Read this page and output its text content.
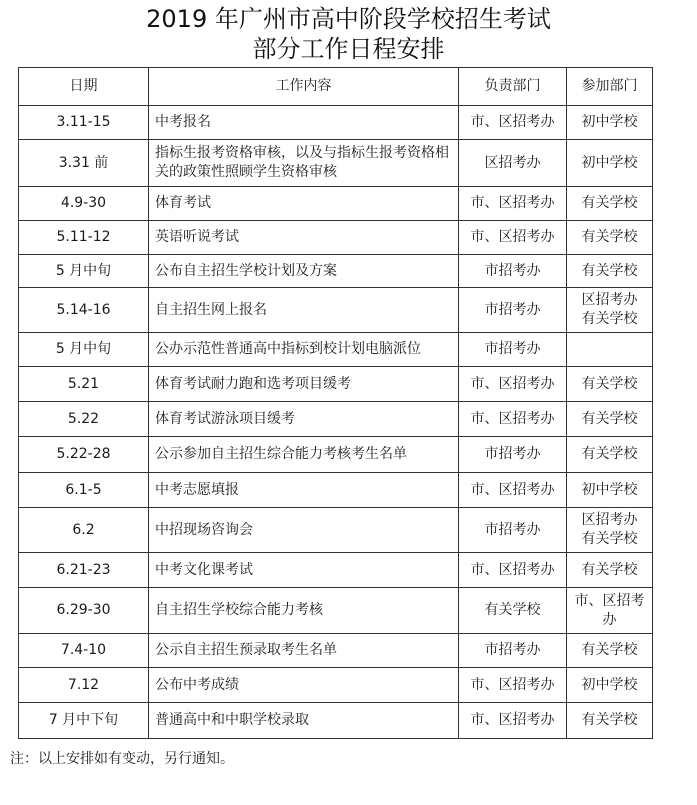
2019 年广州市高中阶段学校招生考试
部分工作日程安排
日期	工作内容	负责部门	参加部门
3.11-15	中考报名	市、区招考办	初中学校
3.31 前	指标生报考资格审核，以及与指标生报考资格相关的政策性照顾学生资格审核	区招考办	初中学校
4.9-30	体育考试	市、区招考办	有关学校
5.11-12	英语听说考试	市、区招考办	有关学校
5 月中旬	公布自主招生学校计划及方案	市招考办	有关学校
5.14-16	自主招生网上报名	市招考办	区招考办 有关学校
5 月中旬	公办示范性普通高中指标到校计划电脑派位	市招考办	
5.21	体育考试耐力跑和选考项目缓考	市、区招考办	有关学校
5.22	体育考试游泳项目缓考	市、区招考办	有关学校
5.22-28	公示参加自主招生综合能力考核考生名单	市招考办	有关学校
6.1-5	中考志愿填报	市、区招考办	初中学校
6.2	中招现场咨询会	市招考办	区招考办 有关学校
6.21-23	中考文化课考试	市、区招考办	有关学校
6.29-30	自主招生学校综合能力考核	有关学校	市、区招考办
7.4-10	公示自主招生预录取考生名单	市招考办	有关学校
7.12	公布中考成绩	市、区招考办	初中学校
7 月中下旬	普通高中和中职学校录取	市、区招考办	有关学校
注：以上安排如有变动，另行通知。
